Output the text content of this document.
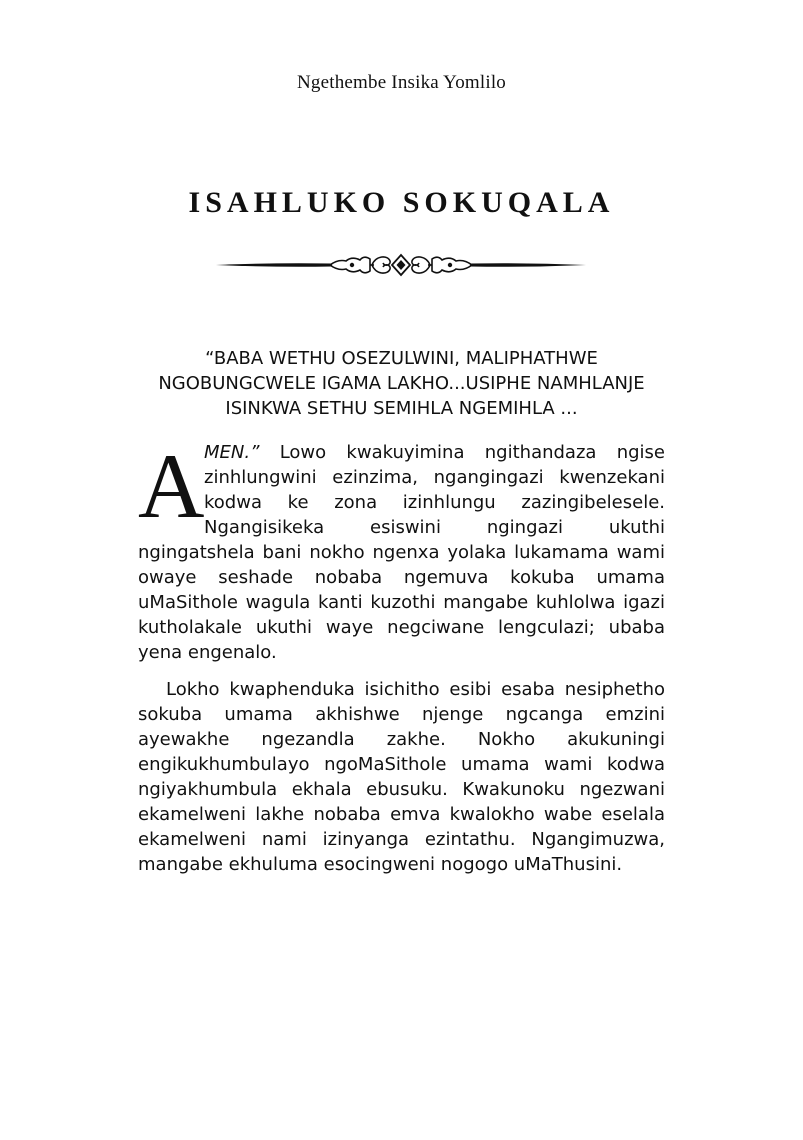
Ngethembe Insika Yomlilo
ISAHLUKO SOKUQALA

“BABA WETHU OSEZULWINI, MALIPHATHWE NGOBUNGCWELE IGAMA LAKHO...USIPHE NAMHLANJE ISINKWA SETHU SEMIHLA NGEMIHLA ...

AMEN.” Lowo kwakuyimina ngithandaza ngise zinhlungwini ezinzima, ngangingazi kwenzekani kodwa ke zona izinhlungu zazingibelesele. Ngangisikeka esiswini ngingazi ukuthi ngingatshela bani nokho ngenxa yolaka lukamama wami owaye seshade nobaba ngemuva kokuba umama uMaSithole wagula kanti kuzothi mangabe kuhlolwa igazi kutholakale ukuthi waye negciwane lengculazi; ubaba yena engenalo.

Lokho kwaphenduka isichitho esibi esaba nesiphetho sokuba umama akhishwe njenge ngcanga emzini ayewakhe ngezandla zakhe. Nokho akukuningi engikukhumbulayo ngoMaSithole umama wami kodwa ngiyakhumbula ekhala ebusuku. Kwakunoku ngezwani ekamelweni lakhe nobaba emva kwalokho wabe eselala ekamelweni nami izinyanga ezintathu. Ngangimuzwa, mangabe ekhuluma esocingweni nogogo uMaThusini.
